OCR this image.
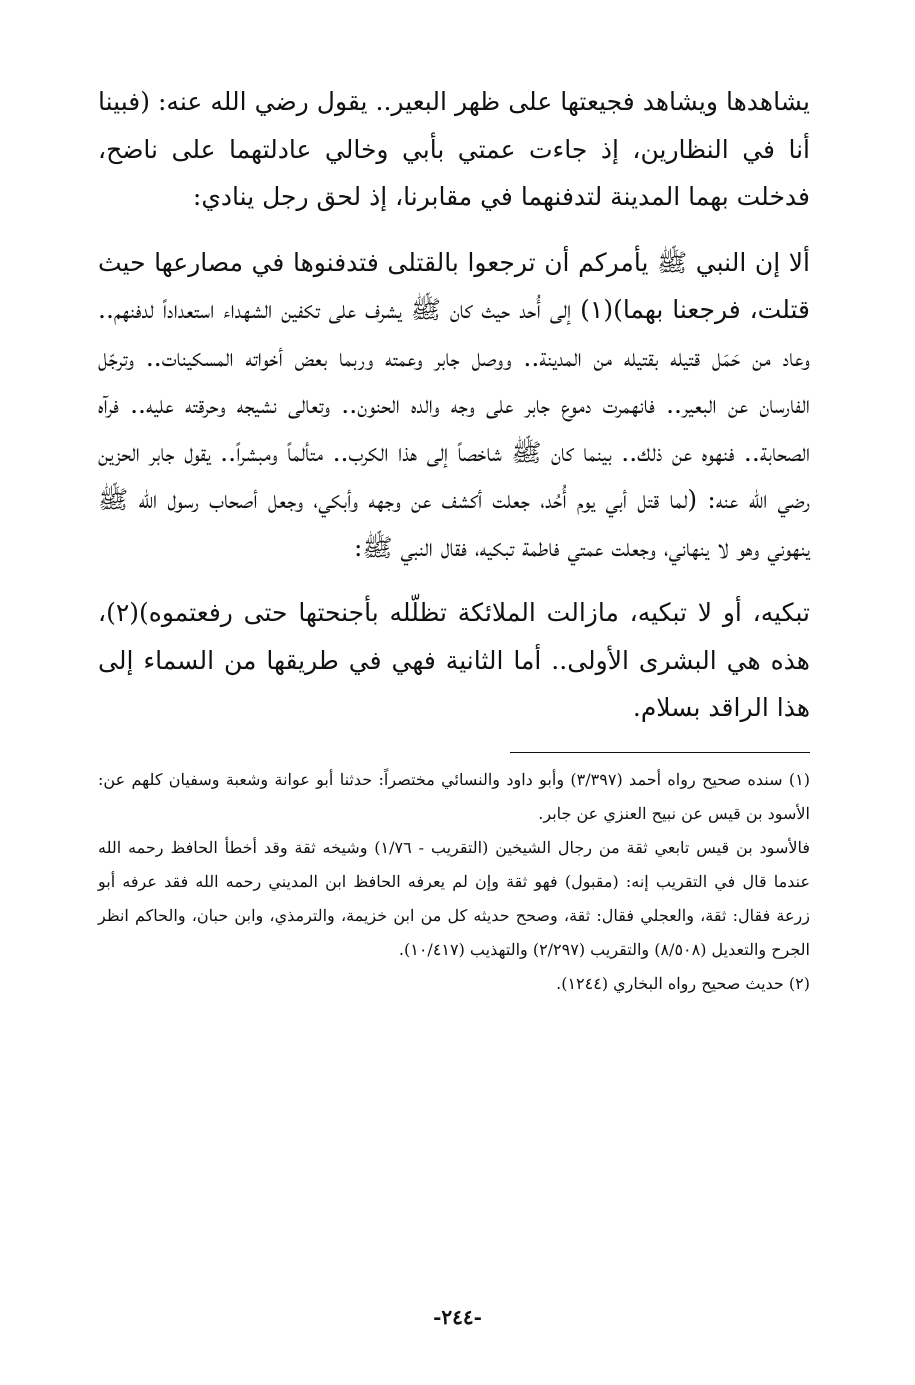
يشاهدها ويشاهد فجيعتها على ظهر البعير.. يقول رضي الله عنه: (فبينا أنا في النظارين، إذ جاءت عمتي بأبي وخالي عادلتهما على ناضح، فدخلت بهما المدينة لتدفنهما في مقابرنا، إذ لحق رجل ينادي:

ألا إن النبي ﷺ يأمركم أن ترجعوا بالقتلى فتدفنوها في مصارعها حيث قتلت، فرجعنا بهما)(١) إلى أُحد حيث كان ﷺ يشرف على تكفين الشهداء استعداداً لدفنهم.. وعاد من حَمَل قتيله بقتيله من المدينة.. ووصل جابر وعمته وربما بعض أخواته المسكينات.. وترجّل الفارسان عن البعير.. فانهمرت دموع جابر على وجه والده الحنون.. وتعالى نشيجه وحرقته عليه.. فرآه الصحابة.. فنهوه عن ذلك.. بينما كان ﷺ شاخصاً إلى هذا الكرب.. متألماً ومبشراً.. يقول جابر الحزين رضي الله عنه: (لما قتل أبي يوم أُحُد، جعلت أكشف عن وجهه وأبكي، وجعل أصحاب رسول الله ﷺ ينهوني وهو لا ينهاني، وجعلت عمتي فاطمة تبكيه، فقال النبي ﷺ:

تبكيه، أو لا تبكيه، مازالت الملائكة تظلّله بأجنحتها حتى رفعتموه)(٢)، هذه هي البشرى الأولى.. أما الثانية فهي في طريقها من السماء إلى هذا الراقد بسلام.

(١) سنده صحيح رواه أحمد (٣/٣٩٧) وأبو داود والنسائي مختصراً: حدثنا أبو عوانة وشعبة وسفيان كلهم عن: الأسود بن قيس عن نبيح العنزي عن جابر.

فالأسود بن قيس تابعي ثقة من رجال الشيخين (التقريب - ١/٧٦) وشيخه ثقة وقد أخطأ الحافظ رحمه الله عندما قال في التقريب إنه: (مقبول) فهو ثقة وإن لم يعرفه الحافظ ابن المديني رحمه الله فقد عرفه أبو زرعة فقال: ثقة، والعجلي فقال: ثقة، وصحح حديثه كل من ابن خزيمة، والترمذي، وابن حبان، والحاكم انظر الجرح والتعديل (٨/٥٠٨) والتقريب (٢/٢٩٧) والتهذيب (١٠/٤١٧).

(٢) حديث صحيح رواه البخاري (١٢٤٤).

-٢٤٤-
